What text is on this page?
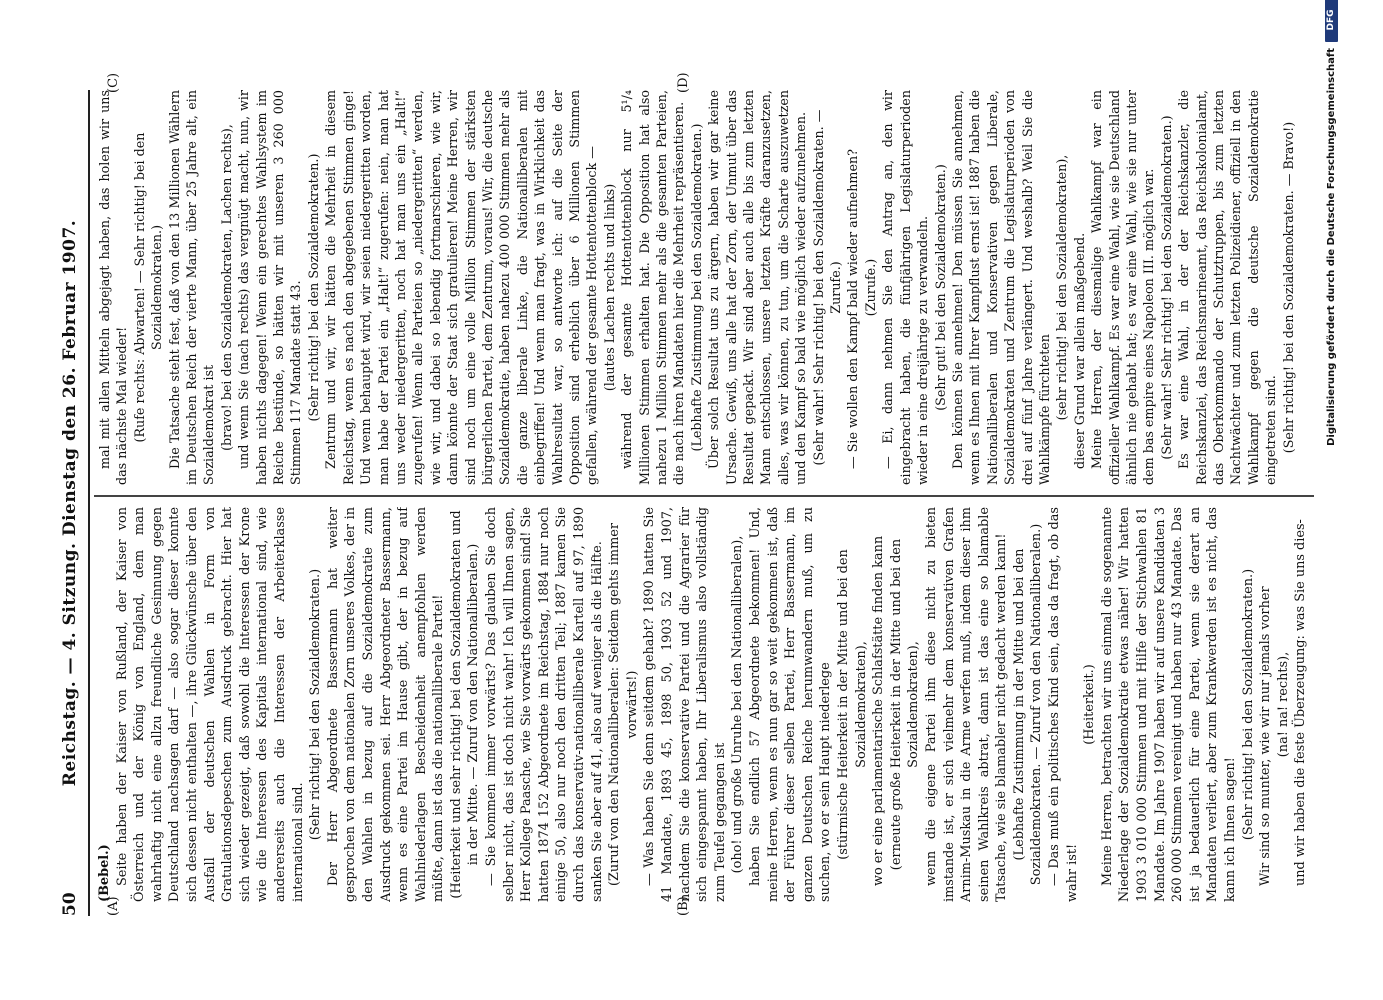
50
Reichstag. — 4. Sitzung. Dienstag den 26. Februar 1907.
(A)	(B)
(C)	(D)

(Bebel.) Seite haben der Kaiser von Rußland, der Kaiser von Österreich und der König von England, dem man wahrhaftig nicht eine allzu freundliche Gesinnung gegen Deutschland nachsagen darf — also sogar dieser konnte sich dessen nicht enthalten —, ihre Glückwünsche über den Ausfall der deutschen Wahlen in Form von Gratulationsdepeschen zum Ausdruck gebracht. Hier hat sich wieder gezeigt, daß sowohl die Interessen der Krone wie die Interessen des Kapitals international sind, wie andererseits auch die Interessen der Arbeiterklasse international sind.

(Sehr richtig! bei den Sozialdemokraten.) Der Herr Abgeordnete Bassermann hat weiter gesprochen von dem nationalen Zorn unseres Volkes, der in den Wahlen in bezug auf die Sozialdemokratie zum Ausdruck gekommen sei. Herr Abgeordneter Bassermann, wenn es eine Partei im Hause gibt, der in bezug auf Wahlniederlagen Bescheidenheit anempfohlen werden müßte, dann ist das die nationalliberale Partei! (Heiterkeit und sehr richtig! bei den Sozialdemokraten und in der Mitte. — Zuruf von den Nationalliberalen.) — Sie kommen immer vorwärts? Das glauben Sie doch selber nicht, das ist doch nicht wahr! Ich will Ihnen sagen, Herr Kollege Paasche, wie Sie vorwärts gekommen sind! Sie hatten 1874 152 Abgeordnete im Reichstag, 1884 nur noch einige 50, also nur noch den dritten Teil; 1887 kamen Sie durch das konservativ-nationalliberale Kartell auf 97, 1890 sanken Sie aber auf 41, also auf weniger als die Hälfte. (Zuruf von den Nationalliberalen: Seitdem gehts immer vorwärts!) — Was haben Sie denn seitdem gehabt? 1890 hatten Sie 41 Mandate, 1893 45, 1898 50, 1903 52 und 1907, nachdem Sie die konservative Partei und die Agrarier für sich eingespannt haben, Ihr Liberalismus also vollständig zum Teufel gegangen ist (oho! und große Unruhe bei den Nationalliberalen), haben Sie endlich 57 Abgeordnete bekommen! Und, meine Herren, wenn es nun gar so weit gekommen ist, daß der Führer dieser selben Partei, Herr Bassermann, im ganzen Deutschen Reiche herumwandern muß, um zu suchen, wo er sein Haupt niederlege (stürmische Heiterkeit in der Mitte und bei den Sozialdemokraten), wo er eine parlamentarische Schlafstätte finden kann (erneute große Heiterkeit in der Mitte und bei den Sozialdemokraten), wenn die eigene Partei ihm diese nicht zu bieten imstande ist, er sich vielmehr dem konservativen Grafen Arnim-Muskau in die Arme werfen muß, indem dieser ihm seinen Wahlkreis abtrat, dann ist das eine so blamable Tatsache, wie sie blamabler nicht gedacht werden kann! (Lebhafte Zustimmung in der Mitte und bei den Sozialdemokraten. — Zuruf von den Nationalliberalen.) — Das muß ein politisches Kind sein, das da fragt, ob das wahr ist!

(Heiterkeit.) Meine Herren, betrachten wir uns einmal die sogenannte Niederlage der Sozialdemokratie etwas näher! Wir hatten 1903 3 010 000 Stimmen und mit Hilfe der Stichwahlen 81 Mandate. Im Jahre 1907 haben wir auf unsere Kandidaten 3 260 000 Stimmen vereinigt und haben nur 43 Mandate. Das ist ja bedauerlich für eine Partei, wenn sie derart an Mandaten verliert, aber zum Krankwerden ist es nicht, das kann ich Ihnen sagen! (Sehr richtig! bei den Sozialdemokraten.) Wir sind so munter, wie wir nur jemals vorher (na! na! rechts), und wir haben die feste Überzeugung: was Sie uns dies-

mal mit allen Mitteln abgejagt haben, das holen wir uns das nächste Mal wieder! (Rufe rechts: Abwarten! — Sehr richtig! bei den Sozialdemokraten.) Die Tatsache steht fest, daß von den 13 Millionen Wählern im Deutschen Reich der vierte Mann, über 25 Jahre alt, ein Sozialdemokrat ist (bravo! bei den Sozialdemokraten, Lachen rechts), und wenn Sie (nach rechts) das vergnügt macht, nun, wir haben nichts dagegen! Wenn ein gerechtes Wahlsystem im Reiche bestünde, so hätten wir mit unseren 3 260 000 Stimmen 117 Mandate statt 43. (Sehr richtig! bei den Sozialdemokraten.) Zentrum und wir, wir hätten die Mehrheit in diesem Reichstag, wenn es nach den abgegebenen Stimmen ginge! Und wenn behauptet wird, wir seien niedergeritten worden, man habe der Partei ein „Halt!“ zugerufen: nein, man hat uns weder niedergeritten, noch hat man uns ein „Halt!“ zugerufen! Wenn alle Parteien so „niedergeritten“ werden, wie wir, und dabei so lebendig fortmarschieren, wie wir, dann könnte der Staat sich gratulieren! Meine Herren, wir sind noch um eine volle Million Stimmen der stärksten bürgerlichen Partei, dem Zentrum, voraus! Wir, die deutsche Sozialdemokratie, haben nahezu 400 000 Stimmen mehr als die ganze liberale Linke, die Nationalliberalen mit einbegriffen! Und wenn man fragt, was in Wirklichkeit das Wahlresultat war, so antworte ich: auf die Seite der Opposition sind erheblich über 6 Millionen Stimmen gefallen, während der gesamte Hottentottenblock — (lautes Lachen rechts und links) während der gesamte Hottentottenblock nur 5¹/₄ Millionen Stimmen erhalten hat. Die Opposition hat also nahezu 1 Million Stimmen mehr als die gesamten Parteien, die nach ihren Mandaten hier die Mehrheit repräsentieren. (Lebhafte Zustimmung bei den Sozialdemokraten.) Über solch Resultat uns zu ärgern, haben wir gar keine Ursache. Gewiß, uns alle hat der Zorn, der Unmut über das Resultat gepackt. Wir sind aber auch alle bis zum letzten Mann entschlossen, unsere letzten Kräfte daranzusetzen, alles, was wir können, zu tun, um die Scharte auszuwetzen und den Kampf so bald wie möglich wieder aufzunehmen. (Sehr wahr! Sehr richtig! bei den Sozialdemokraten. — Zurufe.) — Sie wollen den Kampf bald wieder aufnehmen? (Zurufe.) — Ei, dann nehmen Sie den Antrag an, den wir eingebracht haben, die fünfjährigen Legislaturperioden wieder in eine dreijährige zu verwandeln. (Sehr gut! bei den Sozialdemokraten.) Den können Sie annehmen! Den müssen Sie annehmen, wenn es Ihnen mit Ihrer Kampflust ernst ist! 1887 haben die Nationalliberalen und Konservativen gegen Liberale, Sozialdemokraten und Zentrum die Legislaturperioden von drei auf fünf Jahre verlängert. Und weshalb? Weil Sie die Wahlkämpfe fürchteten (sehr richtig! bei den Sozialdemokraten), dieser Grund war allein maßgebend. Meine Herren, der diesmalige Wahlkampf war ein offizieller Wahlkampf. Es war eine Wahl, wie sie Deutschland ähnlich nie gehabt hat; es war eine Wahl, wie sie nur unter dem bas empire eines Napoleon III. möglich war. (Sehr wahr! Sehr richtig! bei den Sozialdemokraten.) Es war eine Wahl, in der der Reichskanzler, die Reichskanzlei, das Reichsmarineamt, das Reichskolonialamt, das Oberkommando der Schutztruppen, bis zum letzten Nachtwächter und zum letzten Polizeidiener, offiziell in den Wahlkampf gegen die deutsche Sozialdemokratie eingetreten sind. (Sehr richtig! bei den Sozialdemokraten. — Bravo!)	Digitalisierung gefördert durch die Deutsche Forschungsgemeinschaft
DFG
